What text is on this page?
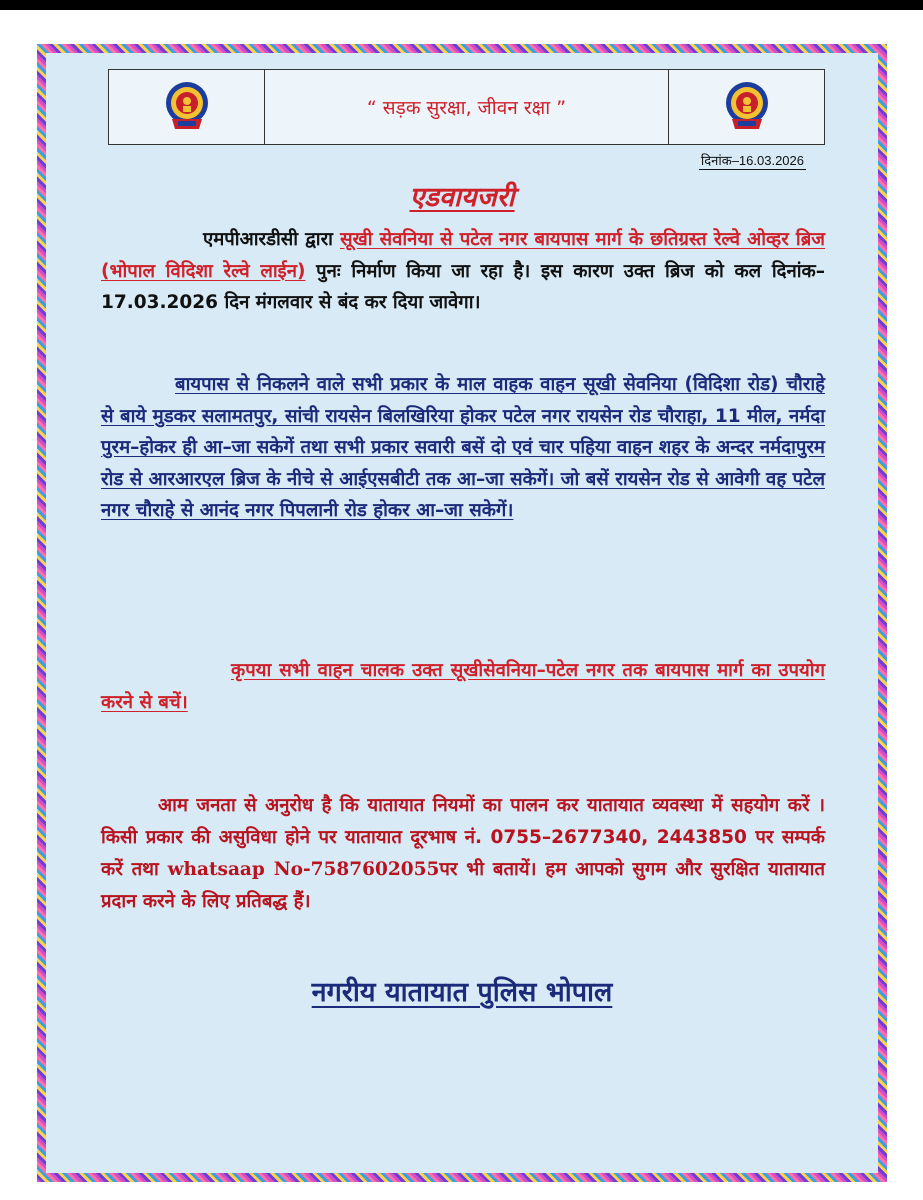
“ सड़क सुरक्षा, जीवन रक्षा ”
दिनांक–16.03.2026
एडवायजरी

एमपीआरडीसी द्वारा सूखी सेवनिया से पटेल नगर बायपास मार्ग के छतिग्रस्त रेल्वे ओव्हर ब्रिज (भोपाल विदिशा रेल्वे लाईन) पुनः निर्माण किया जा रहा है। इस कारण उक्त ब्रिज को कल दिनांक–17.03.2026 दिन मंगलवार से बंद कर दिया जावेगा।

बायपास से निकलने वाले सभी प्रकार के माल वाहक वाहन सूखी सेवनिया (विदिशा रोड) चौराहे से बाये मुडकर सलामतपुर, सांची रायसेन बिलखिरिया होकर पटेल नगर रायसेन रोड चौराहा, 11 मील, नर्मदा पुरम–होकर ही आ–जा सकेगें तथा सभी प्रकार सवारी बसें दो एवं चार पहिया वाहन शहर के अन्दर नर्मदापुरम रोड से आरआरएल ब्रिज के नीचे से आईएसबीटी तक आ–जा सकेगें। जो बसें रायसेन रोड से आवेगी वह पटेल नगर चौराहे से आनंद नगर पिपलानी रोड होकर आ–जा सकेगें।

कृपया सभी वाहन चालक उक्त सूखीसेवनिया–पटेल नगर तक बायपास मार्ग का उपयोग करने से बचें।

आम जनता से अनुरोध है कि यातायात नियमों का पालन कर यातायात व्यवस्था में सहयोग करें । किसी प्रकार की असुविधा होने पर यातायात दूरभाष नं. 0755–2677340, 2443850 पर सम्पर्क करें तथा whatsaap No-7587602055पर भी बतायें। हम आपको सुगम और सुरक्षित यातायात प्रदान करने के लिए प्रतिबद्ध हैं।

नगरीय यातायात पुलिस भोपाल
